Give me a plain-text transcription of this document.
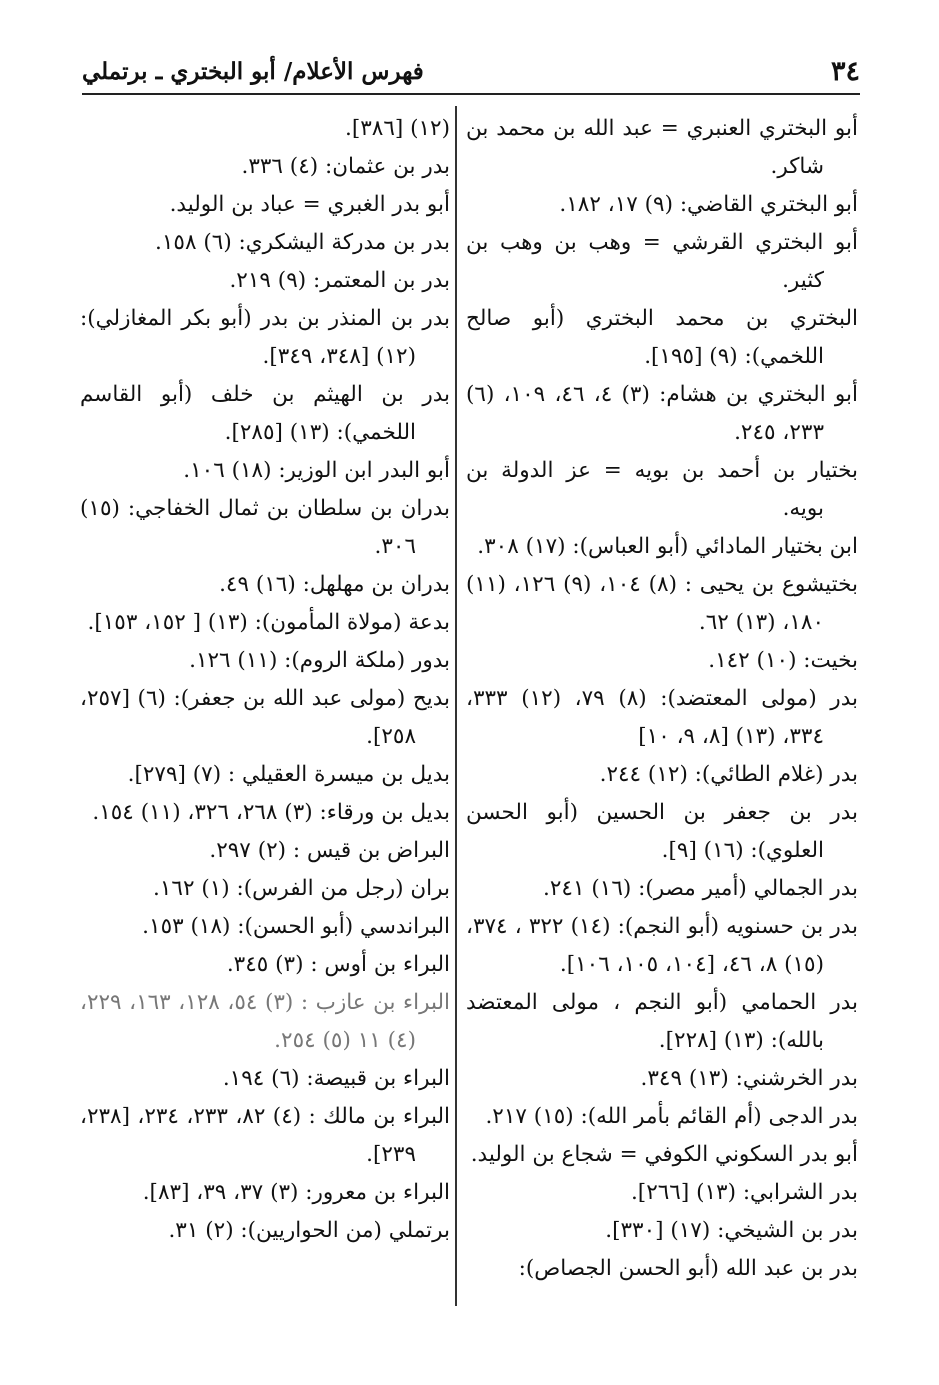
٣٤
فهرس الأعلام/ أبو البختري ـ برتملي

أبو البختري العنبري = عبد الله بن محمد بن شاكر.

أبو البختري القاضي: (٩) ١٧، ١٨٢.

أبو البختري القرشي = وهب بن وهب بن كثير.

البختري بن محمد البختري (أبو صالح اللخمي): (٩) [١٩٥].

أبو البختري بن هشام: (٣) ٤، ٤٦، ١٠٩، (٦) ٢٣٣، ٢٤٥.

بختيار بن أحمد بن بويه = عز الدولة بن بويه.

ابن بختيار المادائي (أبو العباس): (١٧) ٣٠٨.

بختيشوع بن يحيى : (٨) ١٠٤، (٩) ١٢٦، (١١) ١٨٠، (١٣) ٦٢.

بخيت: (١٠) ١٤٢.

بدر (مولى المعتضد): (٨) ٧٩، (١٢) ٣٣٣، ٣٣٤، (١٣) [٨، ٩، ١٠]

بدر (غلام الطائي): (١٢) ٢٤٤.

بدر بن جعفر بن الحسين (أبو الحسن العلوي): (١٦) [٩].

بدر الجمالي (أمير مصر): (١٦) ٢٤١.

بدر بن حسنويه (أبو النجم): (١٤) ٣٢٢ ، ٣٧٤، (١٥) ٨، ٤٦، [١٠٤، ١٠٥، ١٠٦].

بدر الحمامي (أبو النجم ، مولى المعتضد بالله): (١٣) [٢٢٨].

بدر الخرشني: (١٣) ٣٤٩.

بدر الدجى (أم القائم بأمر الله): (١٥) ٢١٧.

أبو بدر السكوني الكوفي = شجاع بن الوليد.

بدر الشرابي: (١٣) [٢٦٦].

بدر بن الشيخي: (١٧) [٣٣٠].

بدر بن عبد الله (أبو الحسن الجصاص):

(١٢) [٣٨٦].

بدر بن عثمان: (٤) ٣٣٦.

أبو بدر الغبري = عباد بن الوليد.

بدر بن مدركة اليشكري: (٦) ١٥٨.

بدر بن المعتمر: (٩) ٢١٩.

بدر بن المنذر بن بدر (أبو بكر المغازلي): (١٢) [٣٤٨، ٣٤٩].

بدر بن الهيثم بن خلف (أبو القاسم اللخمي): (١٣) [٢٨٥].

أبو البدر ابن الوزير: (١٨) ١٠٦.

بدران بن سلطان بن ثمال الخفاجي: (١٥) ٣٠٦.

بدران بن مهلهل: (١٦) ٤٩.

بدعة (مولاة المأمون): (١٣) [ ١٥٢، ١٥٣].

بدور (ملكة الروم): (١١) ١٢٦.

بديح (مولى عبد الله بن جعفر): (٦) [٢٥٧، ٢٥٨].

بديل بن ميسرة العقيلي : (٧) [٢٧٩].

بديل بن ورقاء: (٣) ٢٦٨، ٣٢٦، (١١) ١٥٤.

البراض بن قيس : (٢) ٢٩٧.

بران (رجل من الفرس): (١) ١٦٢.

البراندسي (أبو الحسن): (١٨) ١٥٣.

البراء بن أوس : (٣) ٣٤٥.

البراء بن عازب : (٣) ٥٤، ١٢٨، ١٦٣، ٢٢٩، (٤) ١١ (٥) ٢٥٤.

البراء بن قبيصة: (٦) ١٩٤.

البراء بن مالك : (٤) ٨٢، ٢٣٣، ٢٣٤، [٢٣٨، ٢٣٩].

البراء بن معرور: (٣) ٣٧، ٣٩، [٨٣].

برتملي (من الحواريين): (٢) ٣١.
